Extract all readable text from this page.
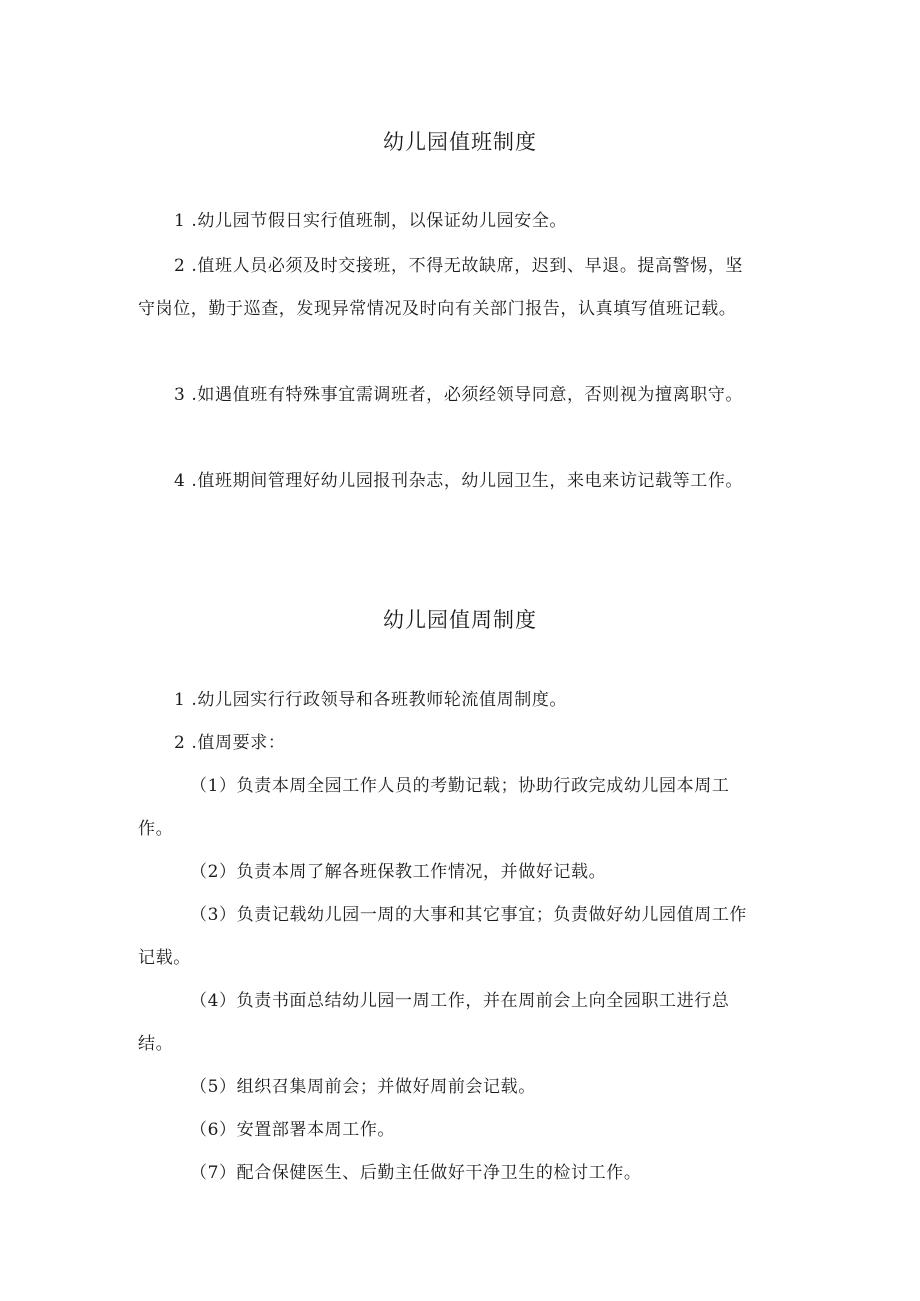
幼儿园值班制度

1 .幼儿园节假日实行值班制，以保证幼儿园安全。

2 .值班人员必须及时交接班，不得无故缺席，迟到、早退。提高警惕，坚守岗位，勤于巡查，发现异常情况及时向有关部门报告，认真填写值班记载。

3 .如遇值班有特殊事宜需调班者，必须经领导同意，否则视为擅离职守。

4 .值班期间管理好幼儿园报刊杂志，幼儿园卫生，来电来访记载等工作。

幼儿园值周制度

1 .幼儿园实行行政领导和各班教师轮流值周制度。

2 .值周要求：

（1）负责本周全园工作人员的考勤记载；协助行政完成幼儿园本周工作。

（2）负责本周了解各班保教工作情况，并做好记载。

（3）负责记载幼儿园一周的大事和其它事宜；负责做好幼儿园值周工作记载。

（4）负责书面总结幼儿园一周工作，并在周前会上向全园职工进行总结。

（5）组织召集周前会；并做好周前会记载。

（6）安置部署本周工作。

（7）配合保健医生、后勤主任做好干净卫生的检讨工作。
